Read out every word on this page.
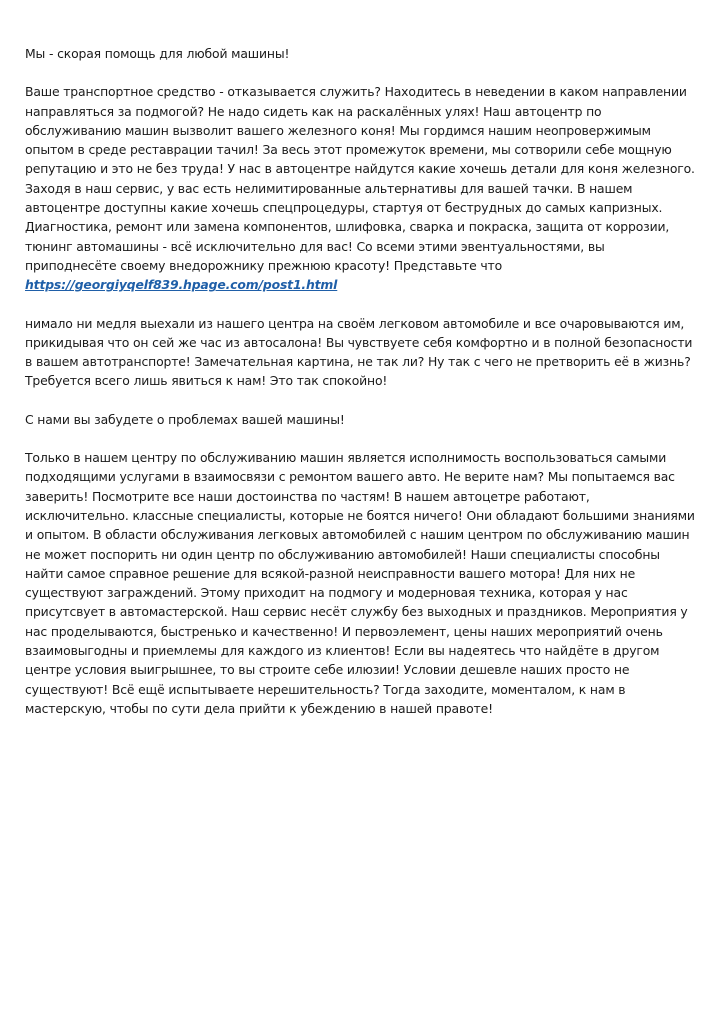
Мы - скорая помощь для любой машины!

Ваше транспортное средство - отказывается служить? Находитесь в неведении в каком направлении направляться за подмогой? Не надо сидеть как на раскалённых улях! Наш автоцентр по обслуживанию машин вызволит вашего железного коня! Мы гордимся нашим неопровержимым опытом в среде реставрации тачил! За весь этот промежуток времени, мы сотворили себе мощную репутацию и это не без труда! У нас в автоцентре найдутся какие хочешь детали для коня железного. Заходя в наш сервис, у вас есть нелимитированные альтернативы для вашей тачки. В нашем автоцентре доступны какие хочешь спецпроцедуры, стартуя от беструдных до самых капризных. Диагностика, ремонт или замена компонентов, шлифовка, сварка и покраска, защита от коррозии, тюнинг автомашины - всё исключительно для вас! Со всеми этими эвентуальностями, вы приподнесёте своему внедорожнику прежнюю красоту! Представьте что
https://georgiyqelf839.hpage.com/post1.html

нимало ни медля выехали из нашего центра на своём легковом автомобиле и все очаровываются им, прикидывая что он сей же час из автосалона! Вы чувствуете себя комфортно и в полной безопасности в вашем автотранспорте! Замечательная картина, не так ли? Ну так с чего не претворить её в жизнь? Требуется всего лишь явиться к нам! Это так спокойно!

С нами вы забудете о проблемах вашей машины!

Только в нашем центру по обслуживанию машин является исполнимость воспользоваться самыми подходящими услугами в взаимосвязи с ремонтом вашего авто. Не верите нам? Мы попытаемся вас заверить! Посмотрите все наши достоинства по частям! В нашем автоцетре работают, исключительно. классные специалисты, которые не боятся ничего! Они обладают большими знаниями и опытом. В области обслуживания легковых автомобилей с нашим центром по обслуживанию машин не может поспорить ни один центр по обслуживанию автомобилей! Наши специалисты способны найти самое справное решение для всякой-разной неисправности вашего мотора! Для них не существуют заграждений. Этому приходит на подмогу и модерновая техника, которая у нас присутсвует в автомастерской. Наш сервис несёт службу без выходных и праздников. Мероприятия у нас проделываются, быстренько и качественно! И первоэлемент, цены наших мероприятий очень взаимовыгодны и приемлемы для каждого из клиентов! Если вы надеятесь что найдёте в другом центре условия выигрышнее, то вы строите себе илюзии! Условии дешевле наших просто не существуют! Всё ещё испытываете нерешительность? Тогда заходите, моменталом, к нам в мастерскую, чтобы по сути дела прийти к убеждению в нашей правоте!
